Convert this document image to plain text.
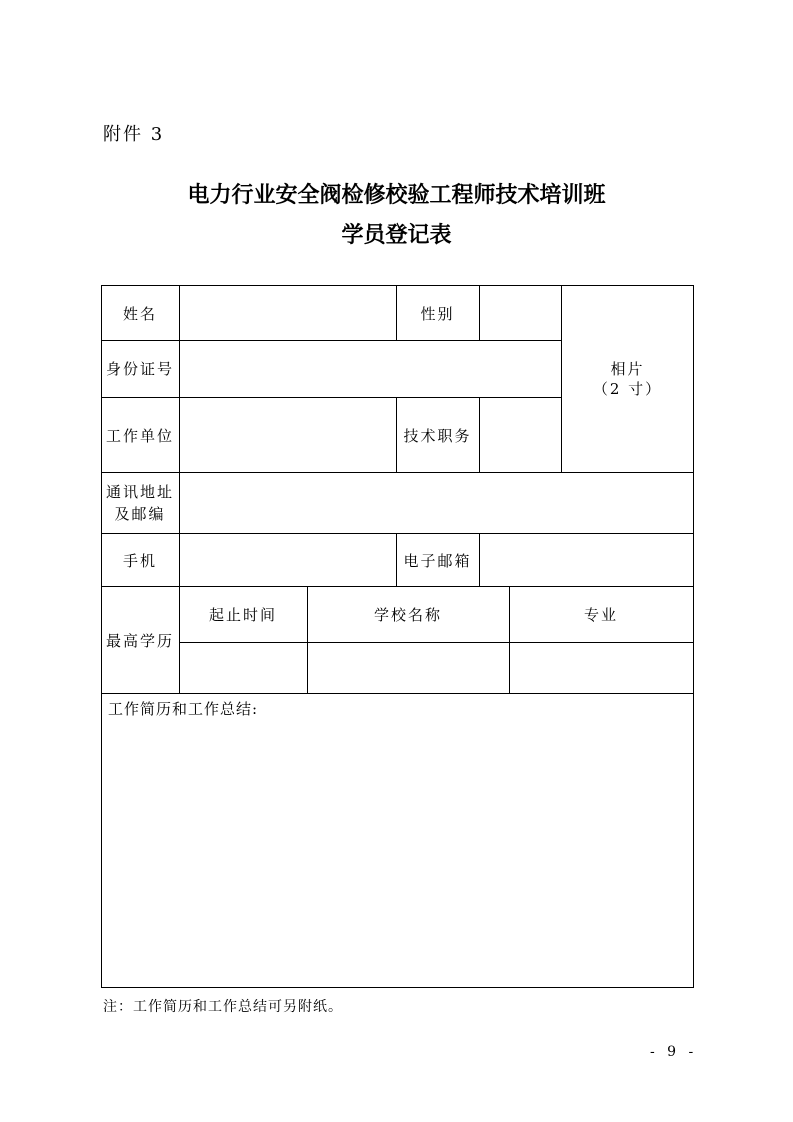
附件 3
电力行业安全阀检修校验工程师技术培训班
学员登记表
姓名	性别
相片
（2 寸）
身份证号
工作单位	技术职务
通讯地址
及邮编
手机	电子邮箱
最高学历
起止时间	学校名称	专业
工作简历和工作总结:
注：工作简历和工作总结可另附纸。
- 9 -
